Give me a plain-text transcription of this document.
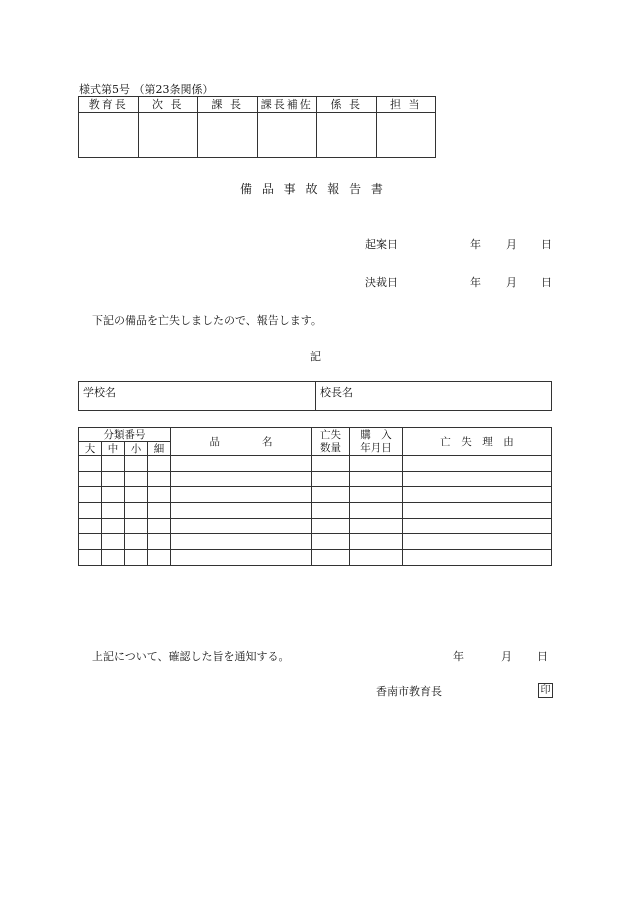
様式第5号 （第23条関係）
教育長	次 長	課 長	課長補佐	係 長	担 当

備 品 事 故 報 告 書
起案日	年 月 日
決裁日	年 月 日
下記の備品を亡失しましたので、報告します。
記
学校名	校長名
分類番号				品　　　　名	亡失	購　入	亡　失　理　由
大	中	小	細		数量	年月日	

上記について、確認した旨を通知する。	年	月 日
香南市教育長	印
